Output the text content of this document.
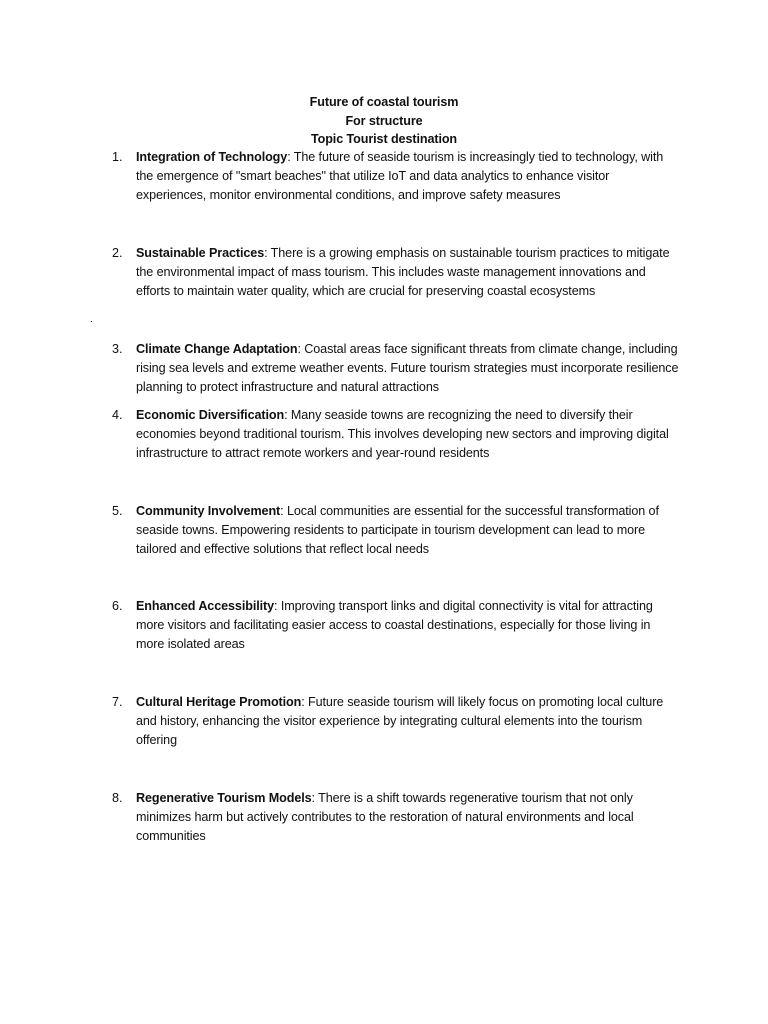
Future of coastal tourism
For structure
Topic Tourist destination
1. Integration of Technology: The future of seaside tourism is increasingly tied to technology, with the emergence of "smart beaches" that utilize IoT and data analytics to enhance visitor experiences, monitor environmental conditions, and improve safety measures
2. Sustainable Practices: There is a growing emphasis on sustainable tourism practices to mitigate the environmental impact of mass tourism. This includes waste management innovations and efforts to maintain water quality, which are crucial for preserving coastal ecosystems
.
3. Climate Change Adaptation: Coastal areas face significant threats from climate change, including rising sea levels and extreme weather events. Future tourism strategies must incorporate resilience planning to protect infrastructure and natural attractions
4. Economic Diversification: Many seaside towns are recognizing the need to diversify their economies beyond traditional tourism. This involves developing new sectors and improving digital infrastructure to attract remote workers and year-round residents
5. Community Involvement: Local communities are essential for the successful transformation of seaside towns. Empowering residents to participate in tourism development can lead to more tailored and effective solutions that reflect local needs
6. Enhanced Accessibility: Improving transport links and digital connectivity is vital for attracting more visitors and facilitating easier access to coastal destinations, especially for those living in more isolated areas
7. Cultural Heritage Promotion: Future seaside tourism will likely focus on promoting local culture and history, enhancing the visitor experience by integrating cultural elements into the tourism offering
8. Regenerative Tourism Models: There is a shift towards regenerative tourism that not only minimizes harm but actively contributes to the restoration of natural environments and local communities
